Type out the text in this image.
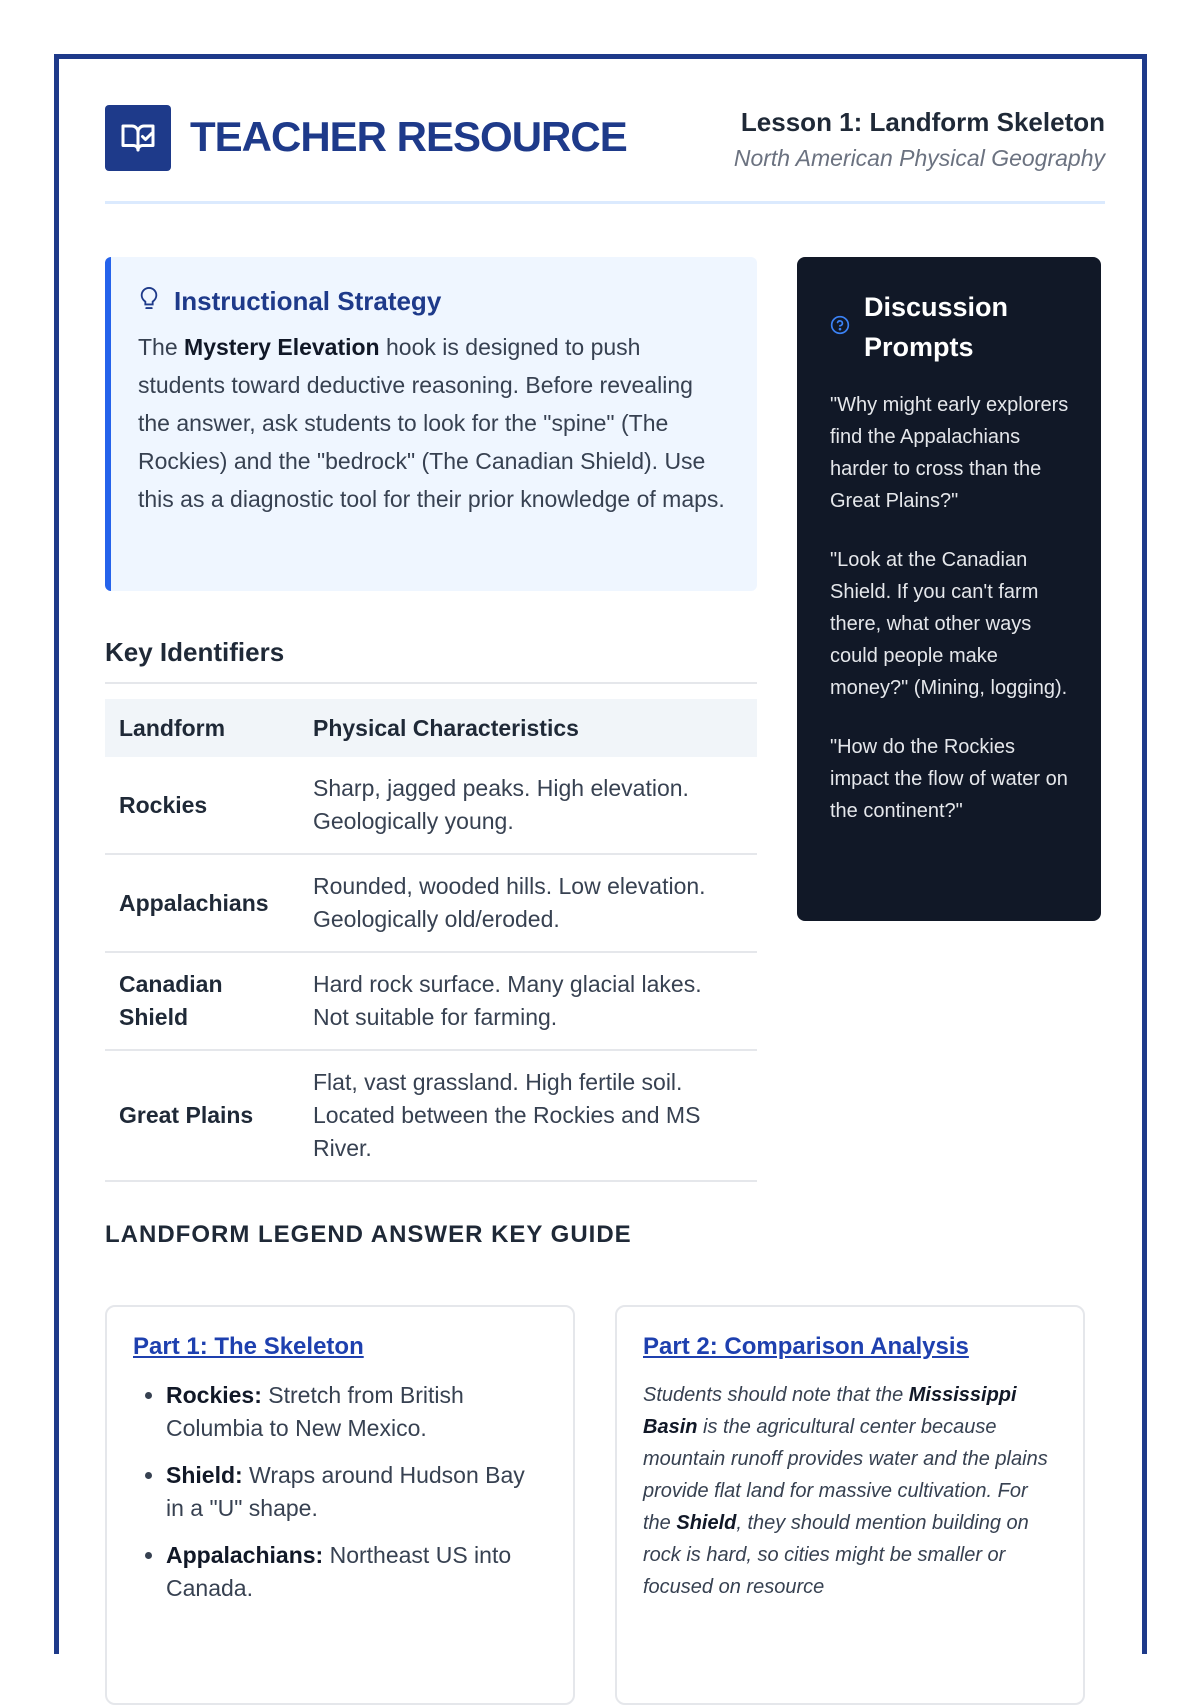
TEACHER RESOURCE	Lesson 1: Landform Skeleton
North American Physical Geography
Instructional Strategy

The Mystery Elevation hook is designed to push students toward deductive reasoning. Before revealing the answer, ask students to look for the "spine" (The Rockies) and the "bedrock" (The Canadian Shield). Use this as a diagnostic tool for their prior knowledge of maps.

Key Identifiers
Landform	Physical Characteristics
Rockies	Sharp, jagged peaks. High elevation. Geologically young.
Appalachians	Rounded, wooded hills. Low elevation. Geologically old/eroded.
Canadian Shield	Hard rock surface. Many glacial lakes. Not suitable for farming.
Great Plains	Flat, vast grassland. High fertile soil. Located between the Rockies and MS River.
Discussion Prompts

"Why might early explorers find the Appalachians harder to cross than the Great Plains?"

"Look at the Canadian Shield. If you can't farm there, what other ways could people make money?" (Mining, logging).

"How do the Rockies impact the flow of water on the continent?"

LANDFORM LEGEND ANSWER KEY GUIDE
Part 1: The Skeleton
• Rockies: Stretch from British Columbia to New Mexico.
• Shield: Wraps around Hudson Bay in a "U" shape.
• Appalachians: Northeast US into Canada.
Part 2: Comparison Analysis

Students should note that the Mississippi Basin is the agricultural center because mountain runoff provides water and the plains provide flat land for massive cultivation. For the Shield, they should mention building on rock is hard, so cities might be smaller or focused on resource
